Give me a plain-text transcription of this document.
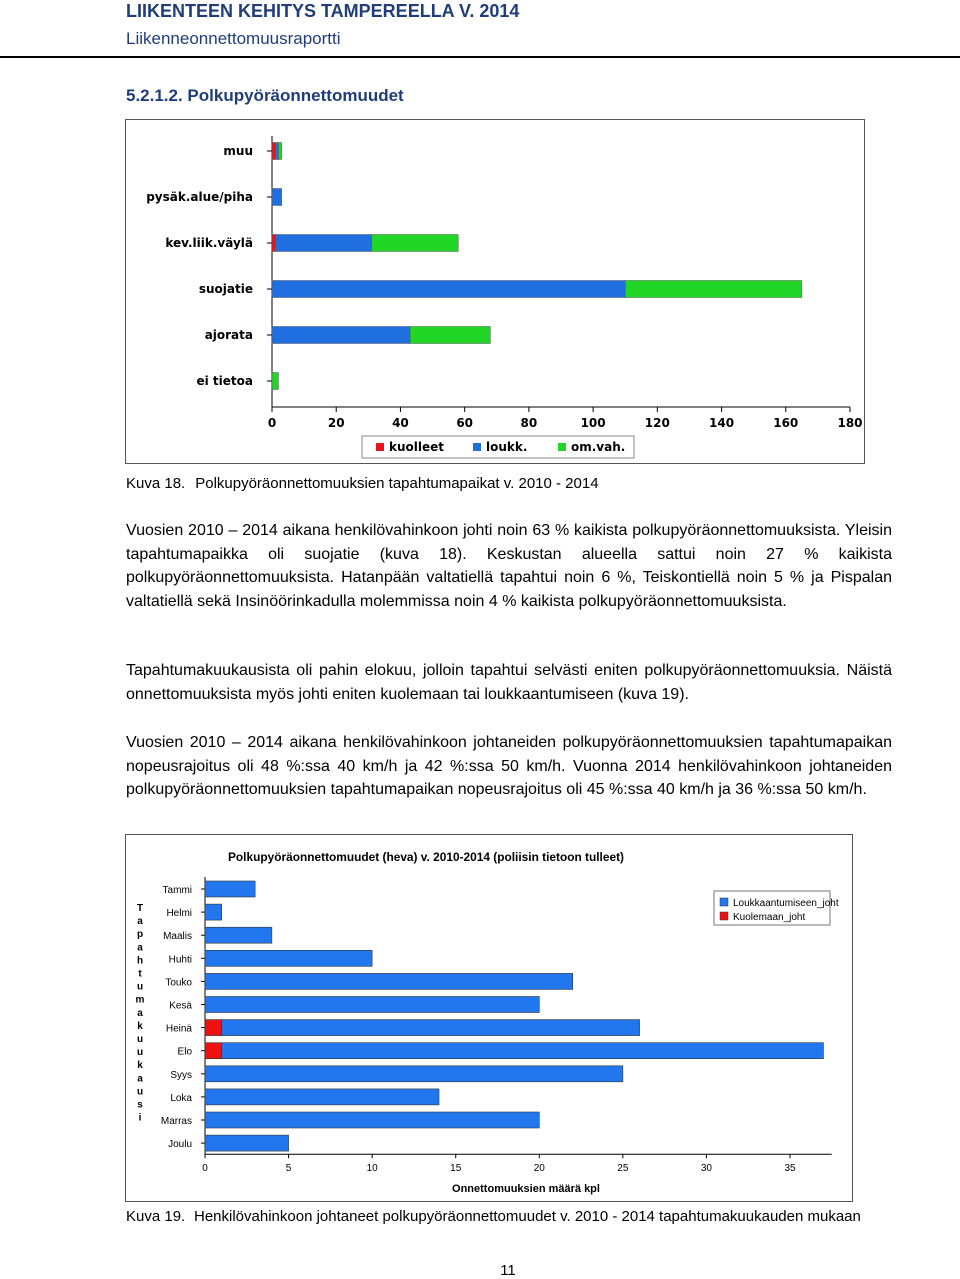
LIIKENTEEN KEHITYS TAMPEREELLA V. 2014
Liikenneonnettomuusraportti
5.2.1.2. Polkupyöräonnettomuudet
muu
pysäk.alue/piha
kev.liik.väylä
suojatie
ajorata
ei tietoa
0	20	40	60	80	100	120	140	160	180
kuolleet	loukk.	om.vah.
Kuva 18. Polkupyöräonnettomuuksien tapahtumapaikat v. 2010 - 2014
Vuosien 2010 – 2014 aikana henkilövahinkoon johti noin 63 % kaikista polkupyöräonnettomuuksista. Yleisin tapahtumapaikka oli suojatie (kuva 18). Keskustan alueella sattui noin 27 % kaikista polkupyöräonnettomuuksista. Hatanpään valtatiellä tapahtui noin 6 %, Teiskontiellä noin 5 % ja Pispalan valtatiellä sekä Insinöörinkadulla molemmissa noin 4 % kaikista polkupyöräonnettomuuksista.
Tapahtumakuukausista oli pahin elokuu, jolloin tapahtui selvästi eniten polkupyöräonnettomuuksia. Näistä onnettomuuksista myös johti eniten kuolemaan tai loukkaantumiseen (kuva 19).
Vuosien 2010 – 2014 aikana henkilövahinkoon johtaneiden polkupyöräonnettomuuksien tapahtumapaikan nopeusrajoitus oli 48 %:ssa 40 km/h ja 42 %:ssa 50 km/h. Vuonna 2014 henkilövahinkoon johtaneiden polkupyöräonnettomuuksien tapahtumapaikan nopeusrajoitus oli 45 %:ssa 40 km/h ja 36 %:ssa 50 km/h.
Polkupyöräonnettomuudet (heva) v. 2010-2014 (poliisin tietoon tulleet)
Tammi
Helmi
Maalis
Huhti
Touko
Kesä
Heinä
Elo
Syys
Loka
Marras
Joulu
0	5	10	15	20	25	30	35
Onnettomuuksien määrä kpl
T
a
p
a
h
t
u
m
a
k
u
u
k
a
u
s
i
Loukkaantumiseen_joht
Kuolemaan_joht
Kuva 19. Henkilövahinkoon johtaneet polkupyöräonnettomuudet v. 2010 - 2014 tapahtumakuukauden mukaan
11
